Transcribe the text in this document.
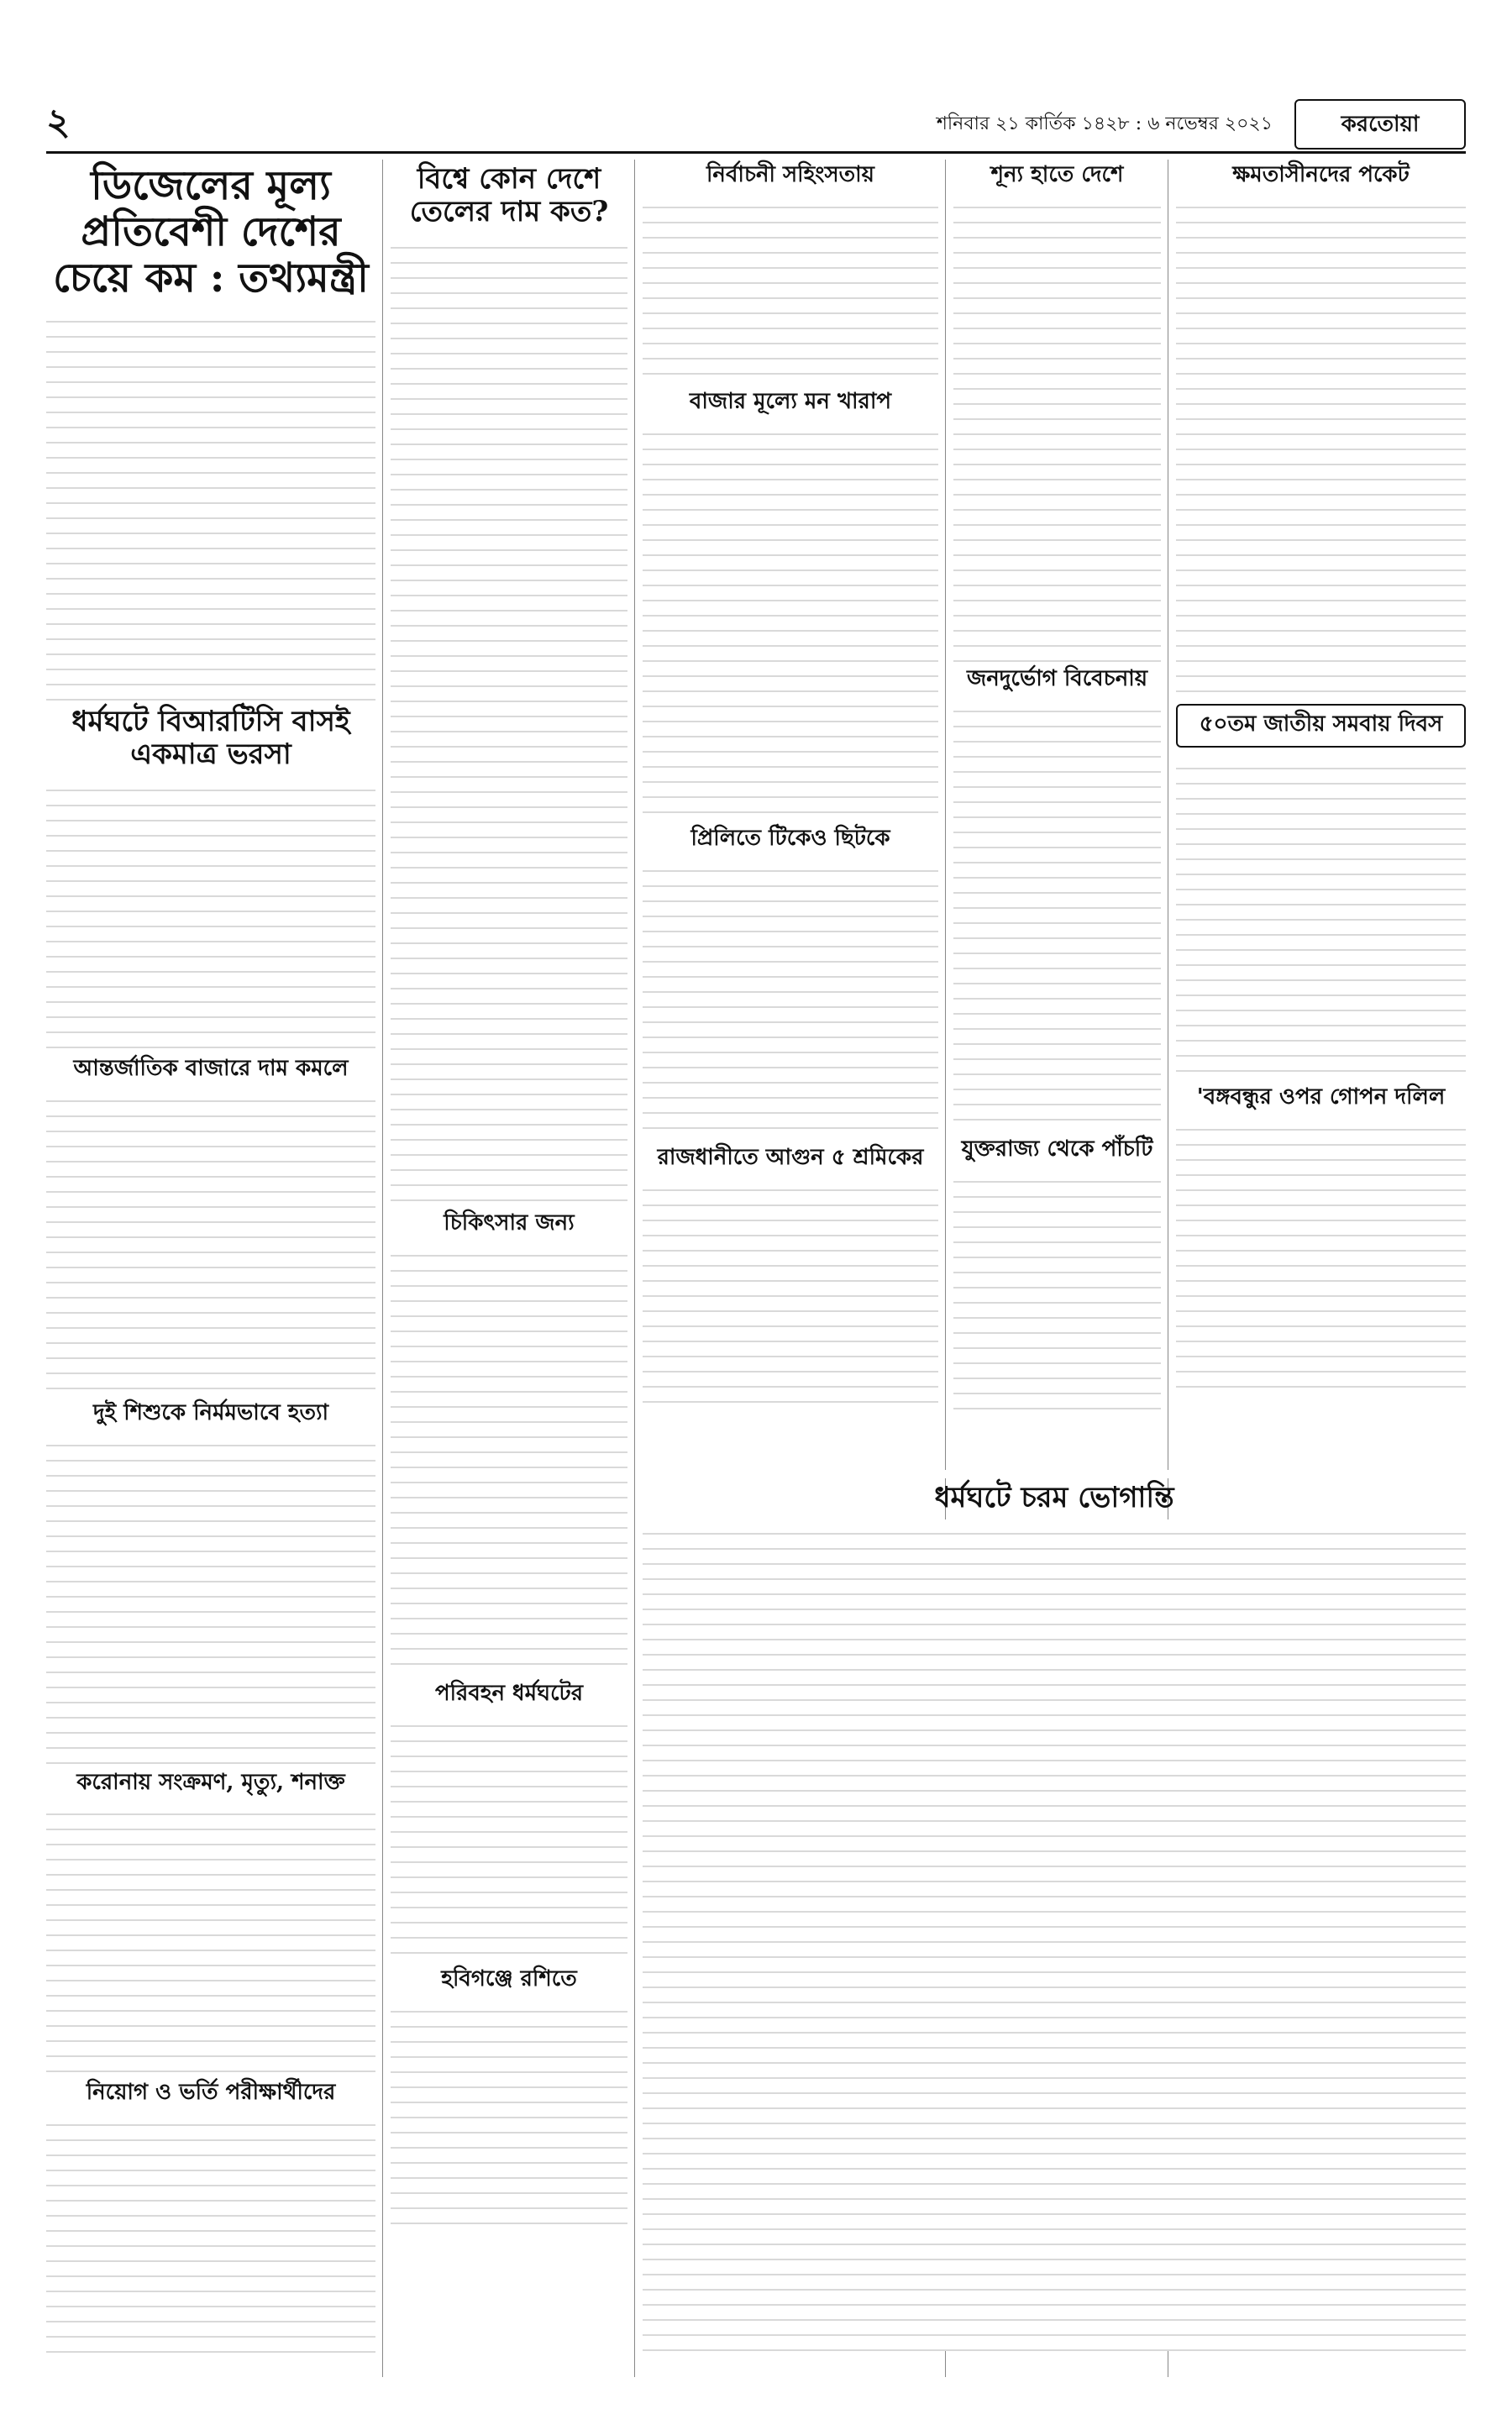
২	শনিবার ২১ কার্তিক ১৪২৮ : ৬ নভেম্বর ২০২১	করতোয়া
ডিজেলের মূল্য প্রতিবেশী দেশের চেয়ে কম : তথ্যমন্ত্রী
ধর্মঘটে বিআরটিসি বাসই একমাত্র ভরসা
আন্তর্জাতিক বাজারে দাম কমলে
দুই শিশুকে নির্মমভাবে হত্যা
করোনায় সংক্রমণ, মৃত্যু, শনাক্ত
নিয়োগ ও ভর্তি পরীক্ষার্থীদের
বিশ্বে কোন দেশে তেলের দাম কত?
চিকিৎসার জন্য
পরিবহন ধর্মঘটের
হবিগঞ্জে রশিতে
নির্বাচনী সহিংসতায়
বাজার মূল্যে মন খারাপ
প্রিলিতে টিকেও ছিটকে
রাজধানীতে আগুন ৫ শ্রমিকের
শূন্য হাতে দেশে
জনদুর্ভোগ বিবেচনায়
যুক্তরাজ্য থেকে পাঁচটি
ক্ষমতাসীনদের পকেট
৫০তম জাতীয় সমবায় দিবস
'বঙ্গবন্ধুর ওপর গোপন দলিল
ধর্মঘটে চরম ভোগান্তি
